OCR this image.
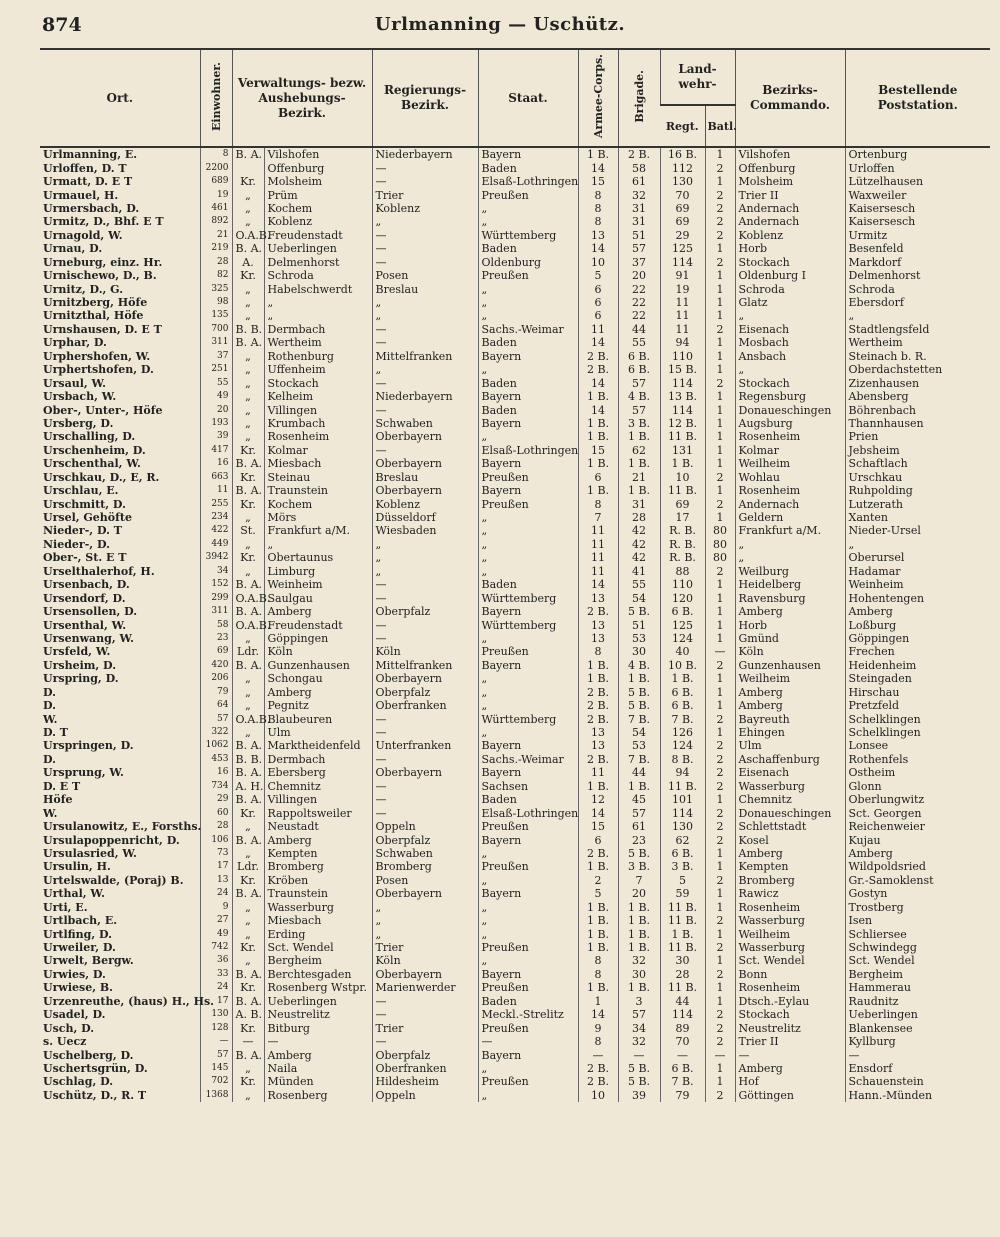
Urlmanning — Uschütz.
874
Ort.	Einwohner.	Verwaltungs- bezw. Aushebungs- Bezirk.		Regierungs- Bezirk.	Staat.	Armee-Corps.	Brigade.	Land- wehr-		Bezirks- Commando.	Bestellende Poststation.
								Regt.	Batl.		
Urlmanning, E.	8	B. A.	Vilshofen	Niederbayern	Bayern	1 B.	2 B.	16 B.	1	Vilshofen	Ortenburg
Urloffen, D. T	2200		Offenburg	—	Baden	14	58	112	2	Offenburg	Urloffen
Urmatt, D. E T	689	Kr.	Molsheim	—	Elsaß-Lothringen	15	61	130	1	Molsheim	Lützelhausen
Urmauel, H.	19	„	Prüm	Trier	Preußen	8	32	70	2	Trier II	Waxweiler
Urmersbach, D.	461	„	Kochem	Koblenz	„	8	31	69	2	Andernach	Kaisersesch
Urmitz, D., Bhf. E T	892	„	Koblenz	„	„	8	31	69	2	Andernach	Kaisersesch
Urnagold, W.	21	O.A.B.	Freudenstadt	—	Württemberg	13	51	29	2	Koblenz	Urmitz
Urnau, D.	219	B. A.	Ueberlingen	—	Baden	14	57	125	1	Horb	Besenfeld
Urneburg, einz. Hr.	28	A.	Delmenhorst	—	Oldenburg	10	37	114	2	Stockach	Markdorf
Urnischewo, D., B.	82	Kr.	Schroda	Posen	Preußen	5	20	91	1	Oldenburg I	Delmenhorst
Urnitz, D., G.	325	„	Habelschwerdt	Breslau	„	6	22	19	1	Schroda	Schroda
Urnitzberg, Höfe	98	„	„	„	„	6	22	11	1	Glatz	Ebersdorf
Urnitzthal, Höfe	135	„	„	„	„	6	22	11	1	„	„
Urnshausen, D. E T	700	B. B.	Dermbach	—	Sachs.-Weimar	11	44	11	2	Eisenach	Stadtlengsfeld
Urphar, D.	311	B. A.	Wertheim	—	Baden	14	55	94	1	Mosbach	Wertheim
Urphershofen, W.	37	„	Rothenburg	Mittelfranken	Bayern	2 B.	6 B.	110	1	Ansbach	Steinach b. R.
Urphertshofen, D.	251	„	Uffenheim	„	„	2 B.	6 B.	15 B.	1	„	Oberdachstetten
Ursaul, W.	55	„	Stockach	—	Baden	14	57	114	2	Stockach	Zizenhausen
Ursbach, W.	49	„	Kelheim	Niederbayern	Bayern	1 B.	4 B.	13 B.	1	Regensburg	Abensberg
Ober-, Unter-, Höfe	20	„	Villingen	—	Baden	14	57	114	1	Donaueschingen	Böhrenbach
Ursberg, D.	193	„	Krumbach	Schwaben	Bayern	1 B.	3 B.	12 B.	1	Augsburg	Thannhausen
Urschalling, D.	39	„	Rosenheim	Oberbayern	„	1 B.	1 B.	11 B.	1	Rosenheim	Prien
Urschenheim, D.	417	Kr.	Kolmar	—	Elsaß-Lothringen	15	62	131	1	Kolmar	Jebsheim
Urschenthal, W.	16	B. A.	Miesbach	Oberbayern	Bayern	1 B.	1 B.	1 B.	1	Weilheim	Schaftlach
Urschkau, D., E, R.	663	Kr.	Steinau	Breslau	Preußen	6	21	10	2	Wohlau	Urschkau
Urschlau, E.	11	B. A.	Traunstein	Oberbayern	Bayern	1 B.	1 B.	11 B.	1	Rosenheim	Ruhpolding
Urschmitt, D.	255	Kr.	Kochem	Koblenz	Preußen	8	31	69	2	Andernach	Lutzerath
Ursel, Gehöfte	234	„	Mörs	Düsseldorf	„	7	28	17	1	Geldern	Xanten
Nieder-, D. T	422	St.	Frankfurt a/M.	Wiesbaden	„	11	42	R. B.	80	Frankfurt a/M.	Nieder-Ursel
Nieder-, D.	449	„	„	„	„	11	42	R. B.	80	„	„
Ober-, St. E T	3942	Kr.	Obertaunus	„	„	11	42	R. B.	80	„	Oberursel
Urselthalerhof, H.	34	„	Limburg	„	„	11	41	88	2	Weilburg	Hadamar
Ursenbach, D.	152	B. A.	Weinheim	—	Baden	14	55	110	1	Heidelberg	Weinheim
Ursendorf, D.	299	O.A.B.	Saulgau	—	Württemberg	13	54	120	1	Ravensburg	Hohentengen
Ursensollen, D.	311	B. A.	Amberg	Oberpfalz	Bayern	2 B.	5 B.	6 B.	1	Amberg	Amberg
Ursenthal, W.	58	O.A.B.	Freudenstadt	—	Württemberg	13	51	125	1	Horb	Loßburg
Ursenwang, W.	23	„	Göppingen	—	„	13	53	124	1	Gmünd	Göppingen
Ursfeld, W.	69	Ldr.	Köln	Köln	Preußen	8	30	40	—	Köln	Frechen
Ursheim, D.	420	B. A.	Gunzenhausen	Mittelfranken	Bayern	1 B.	4 B.	10 B.	2	Gunzenhausen	Heidenheim
Urspring, D.	206	„	Schongau	Oberbayern	„	1 B.	1 B.	1 B.	1	Weilheim	Steingaden
D.	79	„	Amberg	Oberpfalz	„	2 B.	5 B.	6 B.	1	Amberg	Hirschau
D.	64	„	Pegnitz	Oberfranken	„	2 B.	5 B.	6 B.	1	Amberg	Pretzfeld
W.	57	O.A.B.	Blaubeuren	—	Württemberg	2 B.	7 B.	7 B.	2	Bayreuth	Schelklingen
D. T	322	„	Ulm	—	„	13	54	126	1	Ehingen	Schelklingen
Urspringen, D.	1062	B. A.	Marktheidenfeld	Unterfranken	Bayern	13	53	124	2	Ulm	Lonsee
D.	453	B. B.	Dermbach	—	Sachs.-Weimar	2 B.	7 B.	8 B.	2	Aschaffenburg	Rothenfels
Ursprung, W.	16	B. A.	Ebersberg	Oberbayern	Bayern	11	44	94	2	Eisenach	Ostheim
D. E T	734	A. H.	Chemnitz	—	Sachsen	1 B.	1 B.	11 B.	2	Wasserburg	Glonn
Höfe	29	B. A.	Villingen	—	Baden	12	45	101	1	Chemnitz	Oberlungwitz
W.	60	Kr.	Rappoltsweiler	—	Elsaß-Lothringen	14	57	114	2	Donaueschingen	Sct. Georgen
Ursulanowitz, E., Forsths.	28	„	Neustadt	Oppeln	Preußen	15	61	130	2	Schlettstadt	Reichenweier
Ursulapoppenricht, D.	106	B. A.	Amberg	Oberpfalz	Bayern	6	23	62	2	Kosel	Kujau
Ursulasried, W.	73	„	Kempten	Schwaben	„	2 B.	5 B.	6 B.	1	Amberg	Amberg
Ursulin, H.	17	Ldr.	Bromberg	Bromberg	Preußen	1 B.	3 B.	3 B.	1	Kempten	Wildpoldsried
Urtelswalde, (Poraj) B.	13	Kr.	Kröben	Posen	„	2	7	5	2	Bromberg	Gr.-Samoklenst
Urthal, W.	24	B. A.	Traunstein	Oberbayern	Bayern	5	20	59	1	Rawicz	Gostyn
Urti, E.	9	„	Wasserburg	„	„	1 B.	1 B.	11 B.	1	Rosenheim	Trostberg
Urtlbach, E.	27	„	Miesbach	„	„	1 B.	1 B.	11 B.	2	Wasserburg	Isen
Urtlfing, D.	49	„	Erding	„	„	1 B.	1 B.	1 B.	1	Weilheim	Schliersee
Urweiler, D.	742	Kr.	Sct. Wendel	Trier	Preußen	1 B.	1 B.	11 B.	2	Wasserburg	Schwindegg
Urwelt, Bergw.	36	„	Bergheim	Köln	„	8	32	30	1	Sct. Wendel	Sct. Wendel
Urwies, D.	33	B. A.	Berchtesgaden	Oberbayern	Bayern	8	30	28	2	Bonn	Bergheim
Urwiese, B.	24	Kr.	Rosenberg Wstpr.	Marienwerder	Preußen	1 B.	1 B.	11 B.	1	Rosenheim	Hammerau
Urzenreuthe, (haus) H., Hs.	17	B. A.	Ueberlingen	—	Baden	1	3	44	1	Dtsch.-Eylau	Raudnitz
Usadel, D.	130	A. B.	Neustrelitz	—	Meckl.-Strelitz	14	57	114	2	Stockach	Ueberlingen
Usch, D.	128	Kr.	Bitburg	Trier	Preußen	9	34	89	2	Neustrelitz	Blankensee
s. Uecz	—	—	—	—	—	8	32	70	2	Trier II	Kyllburg
Uschelberg, D.	57	B. A.	Amberg	Oberpfalz	Bayern	—	—	—	—	—	—
Uschertsgrün, D.	145	„	Naila	Oberfranken	„	2 B.	5 B.	6 B.	1	Amberg	Ensdorf
Uschlag, D.	702	Kr.	Münden	Hildesheim	Preußen	2 B.	5 B.	7 B.	1	Hof	Schauenstein
Uschütz, D., R. T	1368	„	Rosenberg	Oppeln	„	10	39	79	2	Göttingen	Hann.-Münden
